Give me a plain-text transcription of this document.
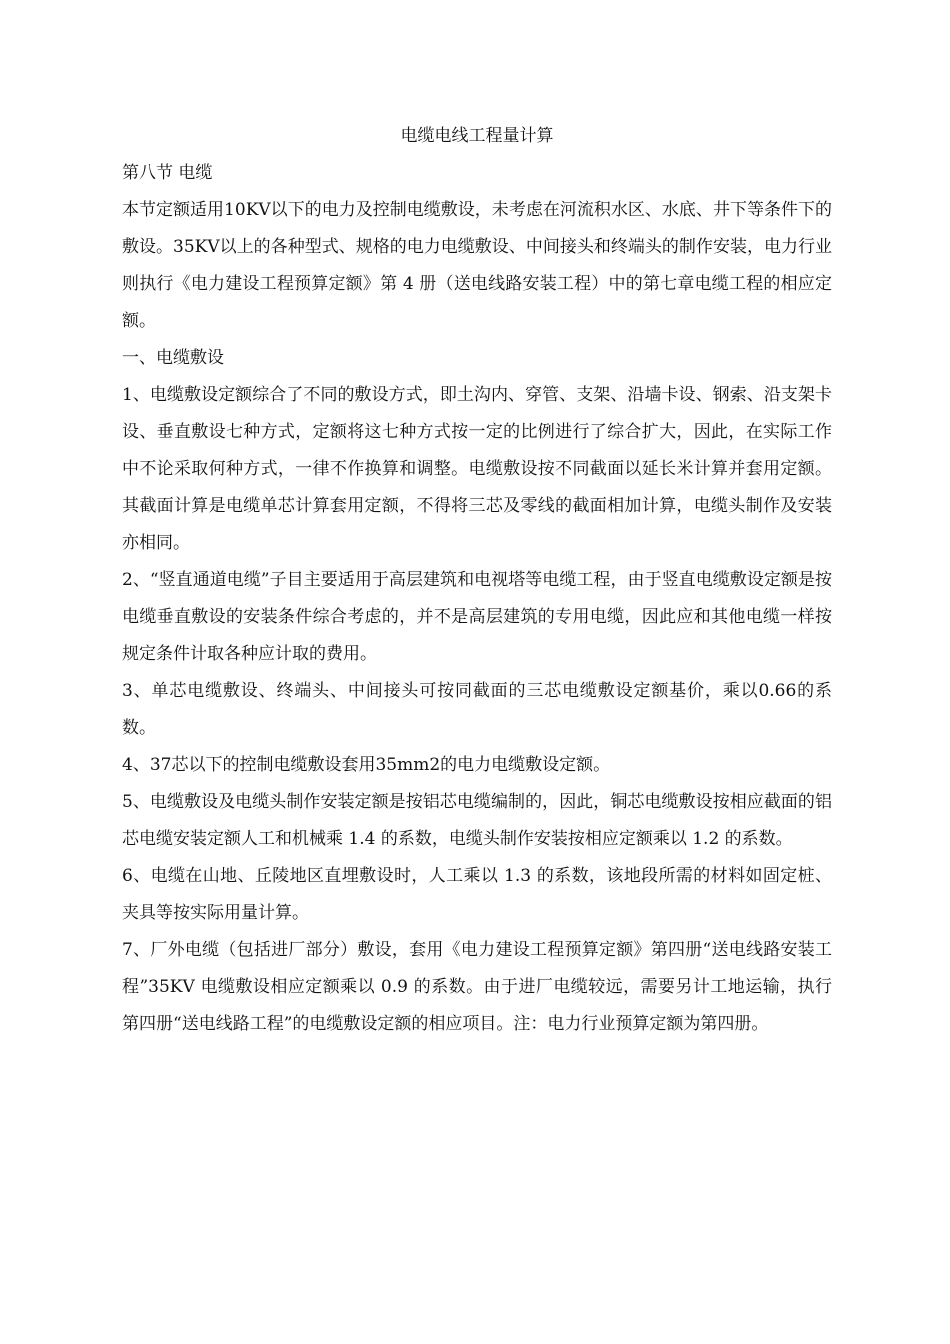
电缆电线工程量计算

第八节 电缆

本节定额适用10KV以下的电力及控制电缆敷设，未考虑在河流积水区、水底、井下等条件下的敷设。35KV以上的各种型式、规格的电力电缆敷设、中间接头和终端头的制作安装，电力行业则执行《电力建设工程预算定额》第 4 册（送电线路安装工程）中的第七章电缆工程的相应定额。

一、电缆敷设

1、电缆敷设定额综合了不同的敷设方式，即土沟内、穿管、支架、沿墙卡设、钢索、沿支架卡设、垂直敷设七种方式，定额将这七种方式按一定的比例进行了综合扩大，因此，在实际工作中不论采取何种方式，一律不作换算和调整。电缆敷设按不同截面以延长米计算并套用定额。其截面计算是电缆单芯计算套用定额，不得将三芯及零线的截面相加计算，电缆头制作及安装亦相同。

2、“竖直通道电缆”子目主要适用于高层建筑和电视塔等电缆工程，由于竖直电缆敷设定额是按电缆垂直敷设的安装条件综合考虑的，并不是高层建筑的专用电缆，因此应和其他电缆一样按规定条件计取各种应计取的费用。

3、单芯电缆敷设、终端头、中间接头可按同截面的三芯电缆敷设定额基价，乘以0.66的系数。

4、37芯以下的控制电缆敷设套用35mm2的电力电缆敷设定额。

5、电缆敷设及电缆头制作安装定额是按铝芯电缆编制的，因此，铜芯电缆敷设按相应截面的铝芯电缆安装定额人工和机械乘 1.4 的系数，电缆头制作安装按相应定额乘以 1.2 的系数。

6、电缆在山地、丘陵地区直埋敷设时，人工乘以 1.3 的系数，该地段所需的材料如固定桩、夹具等按实际用量计算。

7、厂外电缆（包括进厂部分）敷设，套用《电力建设工程预算定额》第四册“送电线路安装工程”35KV 电缆敷设相应定额乘以 0.9 的系数。由于进厂电缆较远，需要另计工地运输，执行第四册“送电线路工程”的电缆敷设定额的相应项目。注：电力行业预算定额为第四册。
